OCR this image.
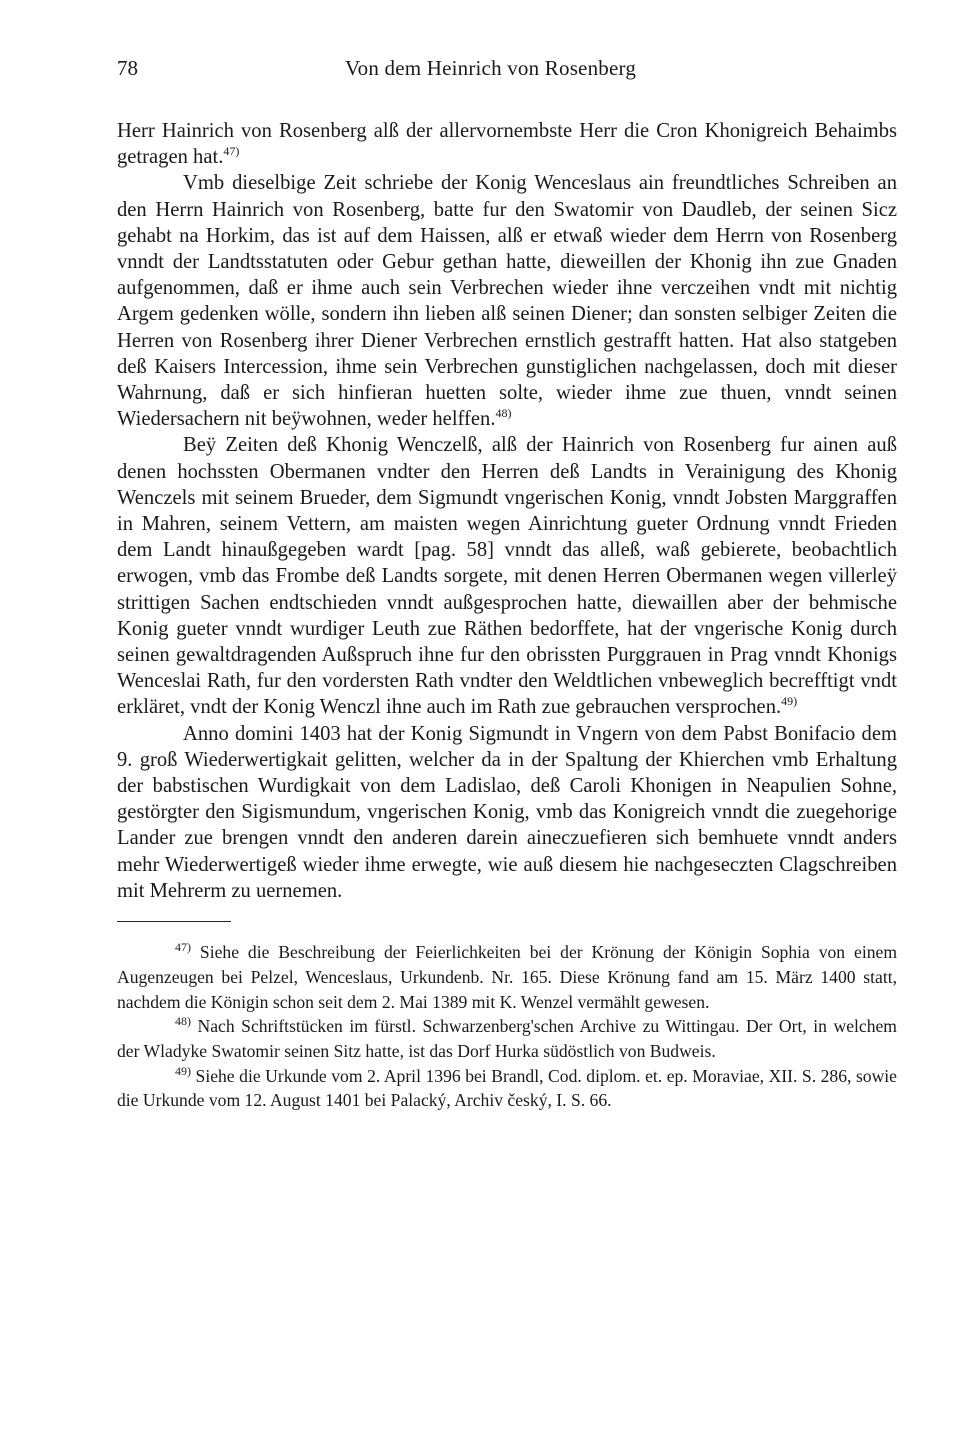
78	Von dem Heinrich von Rosenberg

Herr Hainrich von Rosenberg alß der allervornembste Herr die Cron Khonigreich Behaimbs getragen hat.$^{47)}$

Vmb dieselbige Zeit schriebe der Konig Wenceslaus ain freundtliches Schreiben an den Herrn Hainrich von Rosenberg, batte fur den Swatomir von Daudleb, der seinen Sicz gehabt na Horkim, das ist auf dem Haissen, alß er etwaß wieder dem Herrn von Rosenberg vnndt der Landtsstatuten oder Gebur gethan hatte, dieweillen der Khonig ihn zue Gnaden aufgenommen, daß er ihme auch sein Verbrechen wieder ihne verczeihen vndt mit nichtig Argem gedenken wölle, sondern ihn lieben alß seinen Diener; dan sonsten selbiger Zeiten die Herren von Rosenberg ihrer Diener Verbrechen ernstlich gestrafft hatten. Hat also statgeben deß Kaisers Intercession, ihme sein Verbrechen gunstiglichen nachgelassen, doch mit dieser Wahrnung, daß er sich hinfieran huetten solte, wieder ihme zue thuen, vnndt seinen Wiedersachern nit beÿwohnen, weder helffen.$^{48)}$

Beÿ Zeiten deß Khonig Wenczelß, alß der Hainrich von Rosenberg fur ainen auß denen hochssten Obermanen vndter den Herren deß Landts in Verainigung des Khonig Wenczels mit seinem Brueder, dem Sigmundt vngerischen Konig, vnndt Jobsten Marggraffen in Mahren, seinem Vettern, am maisten wegen Ainrichtung gueter Ordnung vnndt Frieden dem Landt hinaußgegeben wardt [pag. 58] vnndt das alleß, waß gebierete, beobachtlich erwogen, vmb das Frombe deß Landts sorgete, mit denen Herren Obermanen wegen villerleÿ strittigen Sachen endtschieden vnndt außgesprochen hatte, diewaillen aber der behmische Konig gueter vnndt wurdiger Leuth zue Räthen bedorffete, hat der vngerische Konig durch seinen gewaltdragenden Außspruch ihne fur den obrissten Purggrauen in Prag vnndt Khonigs Wenceslai Rath, fur den vordersten Rath vndter den Weldtlichen vnbeweglich becrefftigt vndt erkläret, vndt der Konig Wenczl ihne auch im Rath zue gebrauchen versprochen.$^{49)}$

Anno domini 1403 hat der Konig Sigmundt in Vngern von dem Pabst Bonifacio dem 9. groß Wiederwertigkait gelitten, welcher da in der Spaltung der Khierchen vmb Erhaltung der babstischen Wurdigkait von dem Ladislao, deß Caroli Khonigen in Neapulien Sohne, gestörgter den Sigismundum, vngerischen Konig, vmb das Konigreich vnndt die zuegehorige Lander zue brengen vnndt den anderen darein aineczuefieren sich bemhuete vnndt anders mehr Wiederwertigeß wieder ihme erwegte, wie auß diesem hie nachgeseczten Clagschreiben mit Mehrerm zu uernemen.

$^{47)}$ Siehe die Beschreibung der Feierlichkeiten bei der Krönung der Königin Sophia von einem Augenzeugen bei Pelzel, Wenceslaus, Urkundenb. Nr. 165. Diese Krönung fand am 15. März 1400 statt, nachdem die Königin schon seit dem 2. Mai 1389 mit K. Wenzel vermählt gewesen.

$^{48)}$ Nach Schriftstücken im fürstl. Schwarzenberg'schen Archive zu Wittingau. Der Ort, in welchem der Wladyke Swatomir seinen Sitz hatte, ist das Dorf Hurka südöstlich von Budweis.

$^{49)}$ Siehe die Urkunde vom 2. April 1396 bei Brandl, Cod. diplom. et. ep. Moraviae, XII. S. 286, sowie die Urkunde vom 12. August 1401 bei Palacký, Archiv český, I. S. 66.
